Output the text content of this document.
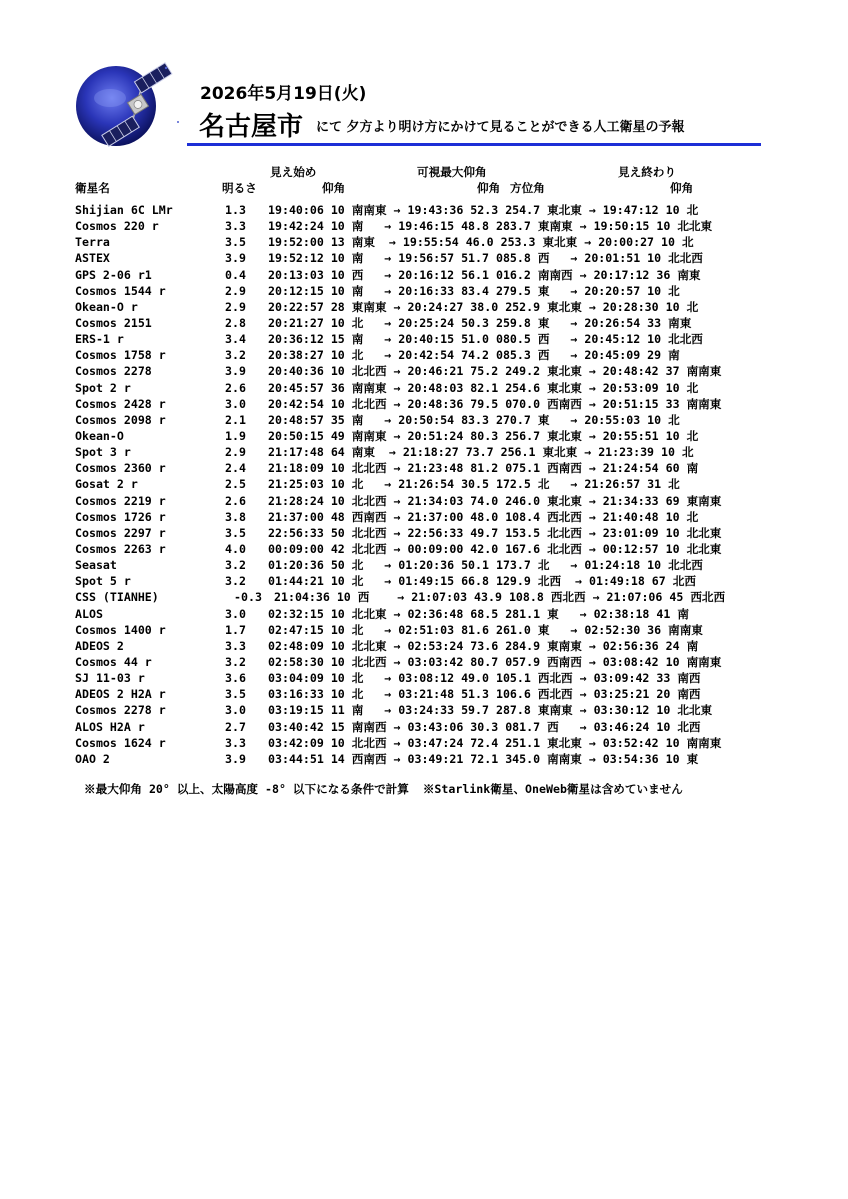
2026年5月19日(火)
名古屋市 にて 夕方より明け方にかけて見ることができる人工衛星の予報
見え始め	可視最大仰角	見え終わり
衛星名	明るさ	仰角	仰角 方位角	仰角
Shijian 6C LMr	1.3 19:40:06 10 南南東 → 19:43:36 52.3 254.7 東北東 → 19:47:12 10 北
Cosmos 220 r	3.3 19:42:24 10 南   → 19:46:15 48.8 283.7 東南東 → 19:50:15 10 北北東
Terra	3.5 19:52:00 13 南東  → 19:55:54 46.0 253.3 東北東 → 20:00:27 10 北
ASTEX	3.9 19:52:12 10 南   → 19:56:57 51.7 085.8 西   → 20:01:51 10 北北西
GPS 2-06 r1	0.4 20:13:03 10 西   → 20:16:12 56.1 016.2 南南西 → 20:17:12 36 南東
Cosmos 1544 r	2.9 20:12:15 10 南   → 20:16:33 83.4 279.5 東   → 20:20:57 10 北
Okean-O r	2.9 20:22:57 28 東南東 → 20:24:27 38.0 252.9 東北東 → 20:28:30 10 北
Cosmos 2151	2.8 20:21:27 10 北   → 20:25:24 50.3 259.8 東   → 20:26:54 33 南東
ERS-1 r	3.4 20:36:12 15 南   → 20:40:15 51.0 080.5 西   → 20:45:12 10 北北西
Cosmos 1758 r	3.2 20:38:27 10 北   → 20:42:54 74.2 085.3 西   → 20:45:09 29 南
Cosmos 2278	3.9 20:40:36 10 北北西 → 20:46:21 75.2 249.2 東北東 → 20:48:42 37 南南東
Spot 2 r	2.6 20:45:57 36 南南東 → 20:48:03 82.1 254.6 東北東 → 20:53:09 10 北
Cosmos 2428 r	3.0 20:42:54 10 北北西 → 20:48:36 79.5 070.0 西南西 → 20:51:15 33 南南東
Cosmos 2098 r	2.1 20:48:57 35 南   → 20:50:54 83.3 270.7 東   → 20:55:03 10 北
Okean-O	1.9 20:50:15 49 南南東 → 20:51:24 80.3 256.7 東北東 → 20:55:51 10 北
Spot 3 r	2.9 21:17:48 64 南東  → 21:18:27 73.7 256.1 東北東 → 21:23:39 10 北
Cosmos 2360 r	2.4 21:18:09 10 北北西 → 21:23:48 81.2 075.1 西南西 → 21:24:54 60 南
Gosat 2 r	2.5 21:25:03 10 北   → 21:26:54 30.5 172.5 北   → 21:26:57 31 北
Cosmos 2219 r	2.6 21:28:24 10 北北西 → 21:34:03 74.0 246.0 東北東 → 21:34:33 69 東南東
Cosmos 1726 r	3.8 21:37:00 48 西南西 → 21:37:00 48.0 108.4 西北西 → 21:40:48 10 北
Cosmos 2297 r	3.5 22:56:33 50 北北西 → 22:56:33 49.7 153.5 北北西 → 23:01:09 10 北北東
Cosmos 2263 r	4.0 00:09:00 42 北北西 → 00:09:00 42.0 167.6 北北西 → 00:12:57 10 北北東
Seasat	3.2 01:20:36 50 北   → 01:20:36 50.1 173.7 北   → 01:24:18 10 北北西
Spot 5 r	3.2 01:44:21 10 北   → 01:49:15 66.8 129.9 北西  → 01:49:18 67 北西
CSS (TIANHE)	-0.3 21:04:36 10 西    → 21:07:03 43.9 108.8 西北西 → 21:07:06 45 西北西
ALOS	3.0 02:32:15 10 北北東 → 02:36:48 68.5 281.1 東   → 02:38:18 41 南
Cosmos 1400 r	1.7 02:47:15 10 北   → 02:51:03 81.6 261.0 東   → 02:52:30 36 南南東
ADEOS 2	3.3 02:48:09 10 北北東 → 02:53:24 73.6 284.9 東南東 → 02:56:36 24 南
Cosmos 44 r	3.2 02:58:30 10 北北西 → 03:03:42 80.7 057.9 西南西 → 03:08:42 10 南南東
SJ 11-03 r	3.6 03:04:09 10 北   → 03:08:12 49.0 105.1 西北西 → 03:09:42 33 南西
ADEOS 2 H2A r	3.5 03:16:33 10 北   → 03:21:48 51.3 106.6 西北西 → 03:25:21 20 南西
Cosmos 2278 r	3.0 03:19:15 11 南   → 03:24:33 59.7 287.8 東南東 → 03:30:12 10 北北東
ALOS H2A r	2.7 03:40:42 15 南南西 → 03:43:06 30.3 081.7 西   → 03:46:24 10 北西
Cosmos 1624 r	3.3 03:42:09 10 北北西 → 03:47:24 72.4 251.1 東北東 → 03:52:42 10 南南東
OAO 2	3.9 03:44:51 14 西南西 → 03:49:21 72.1 345.0 南南東 → 03:54:36 10 東
※最大仰角 20° 以上、太陽高度 -8° 以下になる条件で計算  ※Starlink衛星、OneWeb衛星は含めていません
